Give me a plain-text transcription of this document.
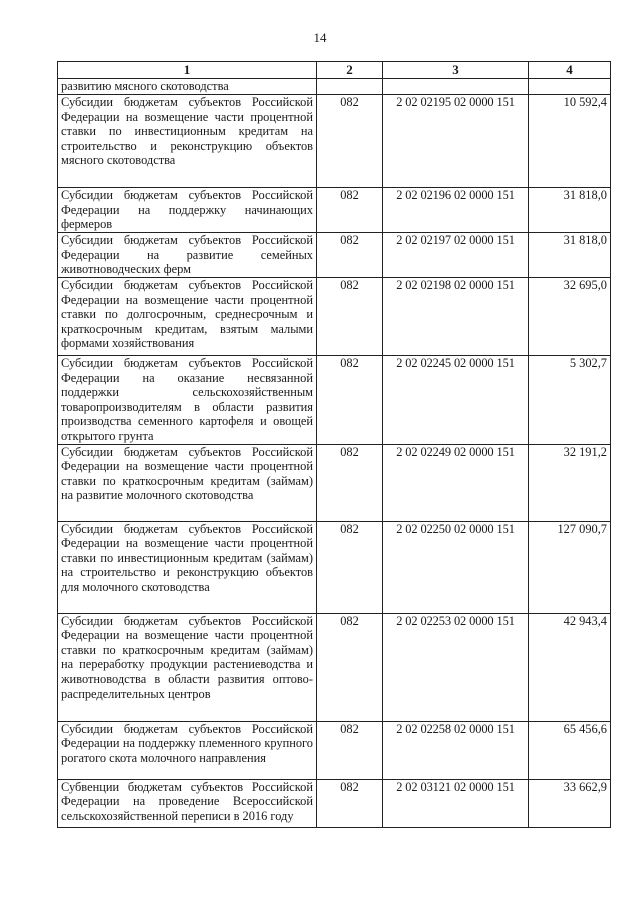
14
1	2	3	4
развитию мясного скотоводства			
Субсидии бюджетам субъектов Российской Федерации на возмещение части процентной ставки по инвестиционным кредитам на строительство и реконструкцию объектов мясного скотоводства	082	2 02 02195 02 0000 151	10 592,4
Субсидии бюджетам субъектов Российской Федерации на поддержку начинающих фермеров	082	2 02 02196 02 0000 151	31 818,0
Субсидии бюджетам субъектов Российской Федерации на развитие семейных животноводческих ферм	082	2 02 02197 02 0000 151	31 818,0
Субсидии бюджетам субъектов Российской Федерации на возмещение части процентной ставки по долгосрочным, среднесрочным и краткосрочным кредитам, взятым малыми формами хозяйствования	082	2 02 02198 02 0000 151	32 695,0
Субсидии бюджетам субъектов Российской Федерации на оказание несвязанной поддержки сельскохозяйственным товаропроизводителям в области развития производства семенного картофеля и овощей открытого грунта	082	2 02 02245 02 0000 151	5 302,7
Субсидии бюджетам субъектов Российской Федерации на возмещение части процентной ставки по краткосрочным кредитам (займам) на развитие молочного скотоводства	082	2 02 02249 02 0000 151	32 191,2
Субсидии бюджетам субъектов Российской Федерации на возмещение части процентной ставки по инвестиционным кредитам (займам) на строительство и реконструкцию объектов для молочного скотоводства	082	2 02 02250 02 0000 151	127 090,7
Субсидии бюджетам субъектов Российской Федерации на возмещение части процентной ставки по краткосрочным кредитам (займам) на переработку продукции растениеводства и животноводства в области развития оптово-распределительных центров	082	2 02 02253 02 0000 151	42 943,4
Субсидии бюджетам субъектов Российской Федерации на поддержку племенного крупного рогатого скота молочного направления	082	2 02 02258 02 0000 151	65 456,6
Субвенции бюджетам субъектов Российской Федерации на проведение Всероссийской сельскохозяйственной переписи в 2016 году	082	2 02 03121 02 0000 151	33 662,9
